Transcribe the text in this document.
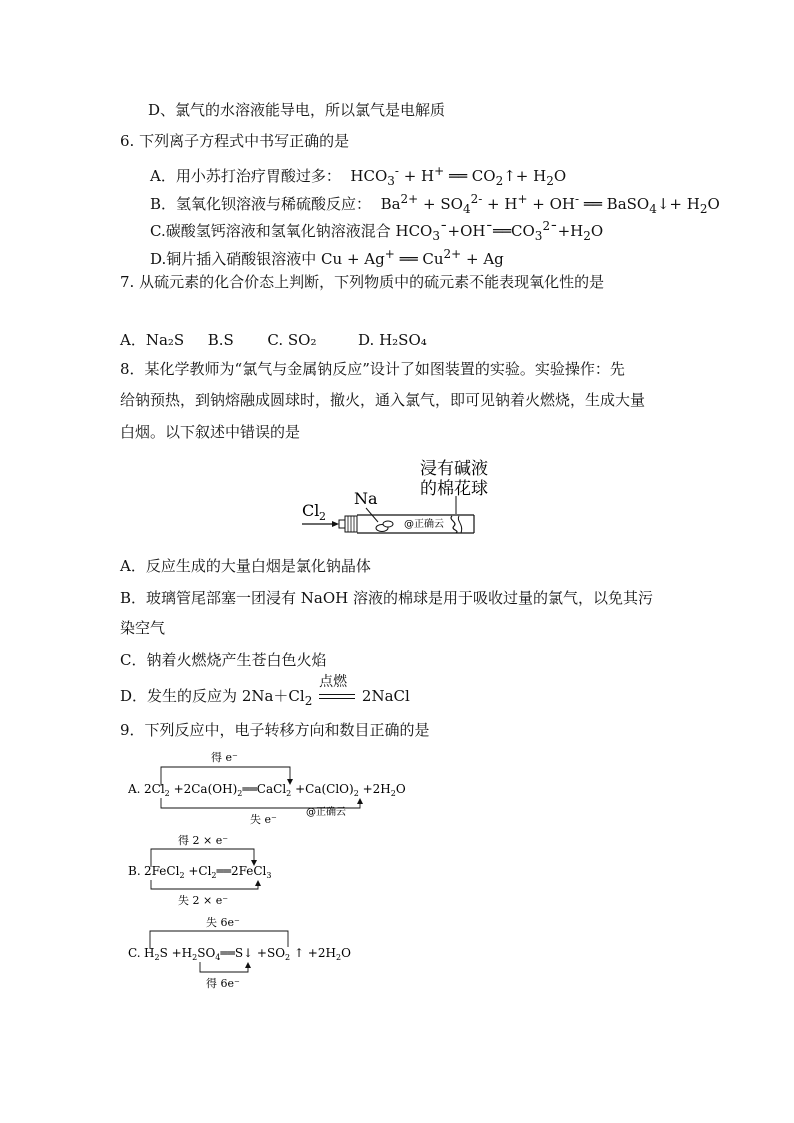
D、氯气的水溶液能导电，所以氯气是电解质
6. 下列离子方程式中书写正确的是
A．用小苏打治疗胃酸过多： $HCO_3^- + H^+$ ══ $CO_2↑+ H_2O$
B．氢氧化钡溶液与稀硫酸反应： $Ba^{2+} + SO_4^{2-} + H^+ + OH^-$ ══ BaSO$_4$↓+ $H_2O$
C.碳酸氢钙溶液和氢氧化钠溶液混合 $HCO_3¯+OH¯══CO_3^2¯+H_2O$
D.铜片插入硝酸银溶液中 Cu + Ag+ ══ $Cu^{2+} + Ag$
7. 从硫元素的化合价态上判断，下列物质中的硫元素不能表现氧化性的是
A．Na₂S B.S C. SO₂	D. H₂SO₄
8．某化学教师为“氯气与金属钠反应”设计了如图装置的实验。实验操作：先
给钠预热，到钠熔融成圆球时，撤火，通入氯气，即可见钠着火燃烧，生成大量
白烟。以下叙述中错误的是
浸有碱液
的棉花球
Na
Cl 2
@正确云
A．反应生成的大量白烟是氯化钠晶体
B．玻璃管尾部塞一团浸有 NaOH 溶液的棉球是用于吸收过量的氯气，以免其污
染空气
C．钠着火燃烧产生苍白色火焰
D．发生的反应为 $2Na+Cl_2$
点燃
2NaCl
9．下列反应中，电子转移方向和数目正确的是
得 e⁻
A. $2Cl_2$ $+2Ca(OH)_2══CaCl_2 +Ca(ClO)_2 +2H_2O$
@正确云
失 e⁻
得 2 × e⁻
B. 2FeCl$_2$ $+Cl_2══2FeCl_3$
失 2 × e⁻
失 6e⁻
C. $H_2S$ $+H_2SO_4══S↓ +SO_2$ ↑ $+2H_2O$
得 6e⁻
